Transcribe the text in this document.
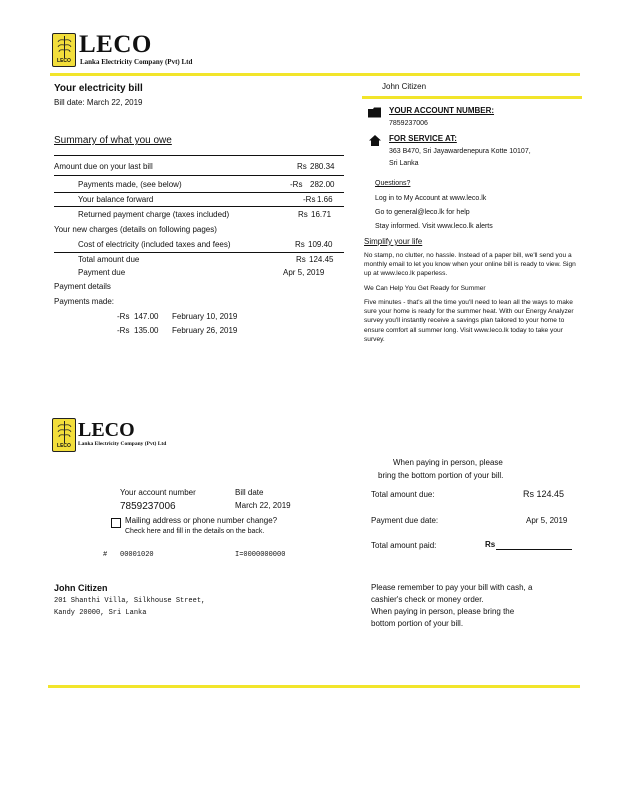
LECO
LECO
Lanka Electricity Company (Pvt) Ltd
Your electricity bill
Bill date: March 22, 2019
Summary of what you owe
Amount due on your last bill	Rs 280.34
Payments made, (see below)	-Rs 282.00
Your balance forward	-Rs 1.66
Returned payment charge (taxes included)	Rs 16.71
Your new charges (details on following pages)
Cost of electricity (included taxes and fees)	Rs 109.40
Total amount due	Rs 124.45
Payment due	Apr 5, 2019
Payment details
Payments made:
-Rs 147.00 February 10, 2019
-Rs 135.00 February 26, 2019
John Citizen
YOUR ACCOUNT NUMBER:
7859237006
FOR SERVICE AT:
363 B470, Sri Jayawardenepura Kotte 10107,
Sri Lanka
Questions?
Log in to My Account at www.leco.lk
Go to general@leco.lk for help
Stay informed. Visit www.leco.lk alerts
Simplify your life
No stamp, no clutter, no hassle. Instead of a paper bill, we'll send you a monthly email to let you know when your online bill is ready to view. Sign up at www.leco.lk paperless.
We Can Help You Get Ready for Summer
Five minutes - that's all the time you'll need to lean all the ways to make sure your home is ready for the summer heat. With our Energy Analyzer survey you'll instantly receive a savings plan tailored to your home to ensure comfort all summer long. Visit www.leco.lk today to take your survey.
LECO
LECO
Lanka Electricity Company (Pvt) Ltd
When paying in person, please
bring the bottom portion of your bill.
Total amount due:	Rs 124.45
Payment due date:	Apr 5, 2019
Total amount paid:	Rs
Your account number
7859237006
Bill date
March 22, 2019
Mailing address or phone number change?
Check here and fill in the details on the back.
# 00001020	I=0000000000
John Citizen
201 Shanthi Villa, Silkhouse Street,
Kandy 20000, Sri Lanka
Please remember to pay your bill with cash, a
cashier's check or money order.
When paying in person, please bring the
bottom portion of your bill.
